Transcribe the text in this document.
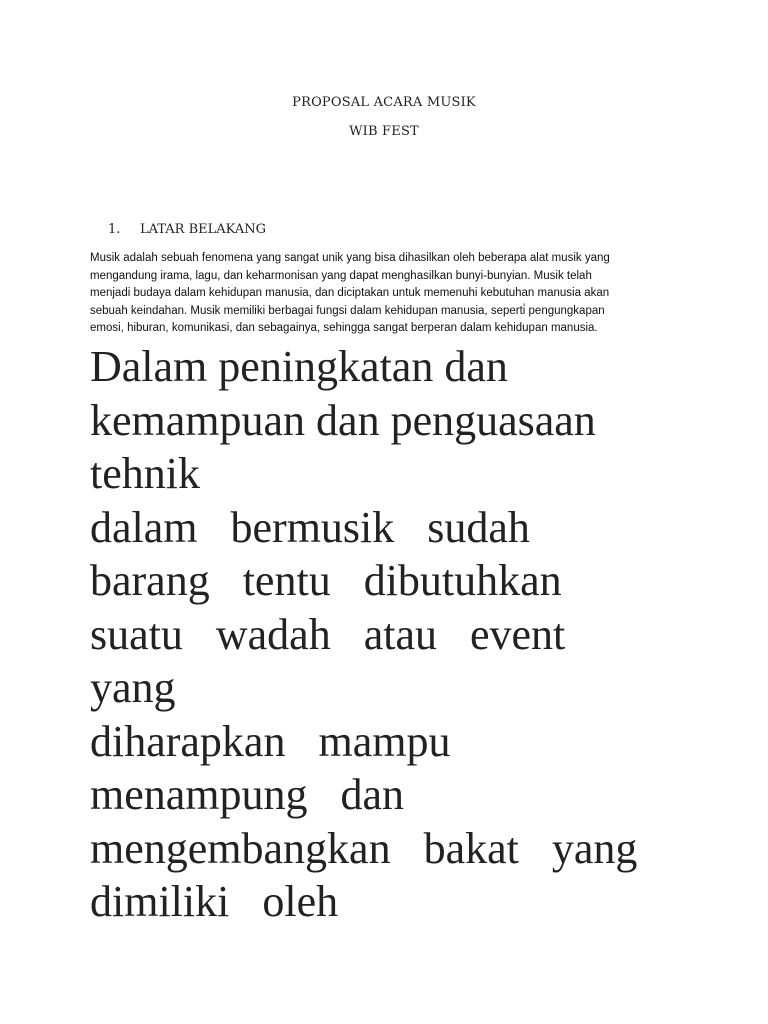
PROPOSAL ACARA MUSIK
WIB FEST
1. LATAR BELAKANG
Musik adalah sebuah fenomena yang sangat unik yang bisa dihasilkan oleh beberapa alat musik yang
mengandung irama, lagu, dan keharmonisan yang dapat menghasilkan bunyi-bunyian. Musik telah
menjadi budaya dalam kehidupan manusia, dan diciptakan untuk memenuhi kebutuhan manusia akan
sebuah keindahan. Musik memiliki berbagai fungsi dalam kehidupan manusia, seperti̇ pengungkapan
emosi, hiburan, komunikasi, dan sebagainya, sehingga sangat berperan dalam kehidupan manusia.
Dalam peningkatan dan
kemampuan dan penguasaan
tehnik
dalam   bermusik   sudah
barang   tentu   dibutuhkan
suatu   wadah   atau   event
yang
diharapkan   mampu
menampung   dan
mengembangkan   bakat   yang
dimiliki   oleh
